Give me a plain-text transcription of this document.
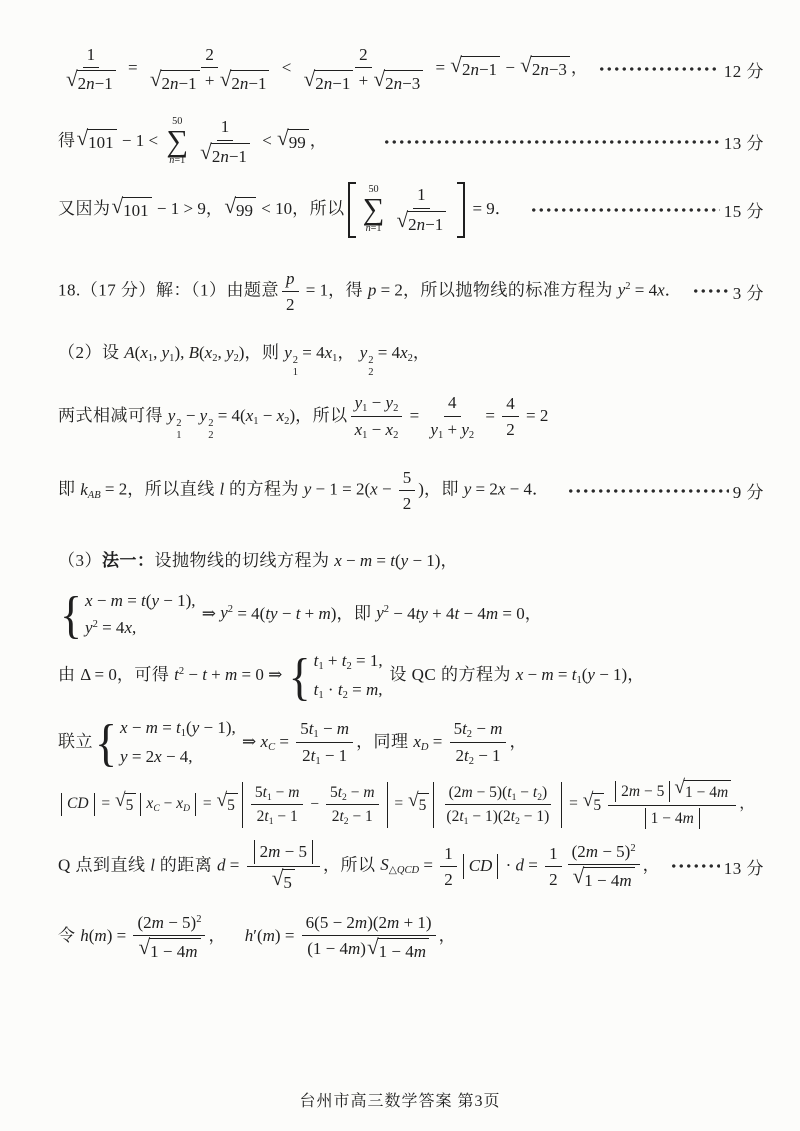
$\frac{1}{√ 2n-1} = \frac{2}{√ 2n-1 + √ 2n-1} < \frac{2}{√ 2n-1 + √ 2n-3}$ = √ 2n−1 − √ 2n−3 ，	12 分
得 √ 101 − 1 <
50
∑
$n=1 \frac{1}{√ 2n-1}$ < √ 99 ，	13 分
又因为 √ 101 − 1 > 9， √ 99 < 10，所以
50
∑
$n=1 \frac{1}{√ 2n-1} = 9$．	15 分
18.（17 分）解：（1）由题意 $\frac{p}{2} = 1$，得 p = 2，所以抛物线的标准方程为 $y^2 = 4x$．	3 分
（2）设 $A(x_1$, $y_1$), $B(x_2$, $y_2$)，则 y 2
1
= $4x_1$， y 2
2
= $4x_2$，
两式相减可得 y 2
1
− y 2
2
= $4(x_1 - x_2)$，所以 $\frac{y_1 - y_2}{x_1 - x_2} = \frac{4}{y_1 + y_2} = \frac{4}{2} = 2$
即 $k_{AB} = 2$，所以直线 l 的方程为 $y - 1 = 2(x - \frac{5}{2}$ )，即 y = 2x − 4．	9 分
（3）法一：设抛物线的切线方程为 x − m = t(y − 1)，
{ x − m = t(y − 1),
$y^2 = 4x$,
⇒ $y^2 = 4(ty - t + m)$，即 $y^2 - 4ty + 4t - 4m = 0$，
由 Δ = 0，可得 $t^2 - t + m = 0$ ⇒ { $t_1 + t_2 = 1$,
$t_1 \cdot t_2 = m$,
设 QC 的方程为 $x - m = t_1(y - 1)$，
联立 { $x - m = t_1(y - 1)$,
y = 2x − 4,
⇒ $x_C = \frac{5t_1 - m}{2t_1 - 1}$ ，同理 $x_D = \frac{5t_2 - m}{2t_2 - 1}$ ，
CD = √ 5 $x_C - x_D$ = √ $5 \frac{5t_1 - m}{2t_1 - 1} - \frac{5t_2 - m}{2t_2 - 1}$ = √ $5 \frac{(2m - 5)(t_1 - t_2)}{(2t_1 - 1)(2t_2 - 1)}$ = √ $5 \frac{2m - 5 √ 1 - 4m}{1 - 4m}$ ，
Q 点到直线 l 的距离 $d = \frac{2m - 5}{√ 5}$ ，所以 $S_{\triangle QCD} = \frac{1}{2}$ CD · $d = \frac{1}{2} \frac{(2m - 5)^2}{√ 1 - 4m}$ ，	13 分
令 $h(m) = \frac{(2m - 5)^2}{√ 1 - 4m}$ ， $h'(m) = \frac{6(5 - 2m)(2m + 1)}{(1 - 4m) √ 1 - 4m}$ ，
台州市高三数学答案 第3页
